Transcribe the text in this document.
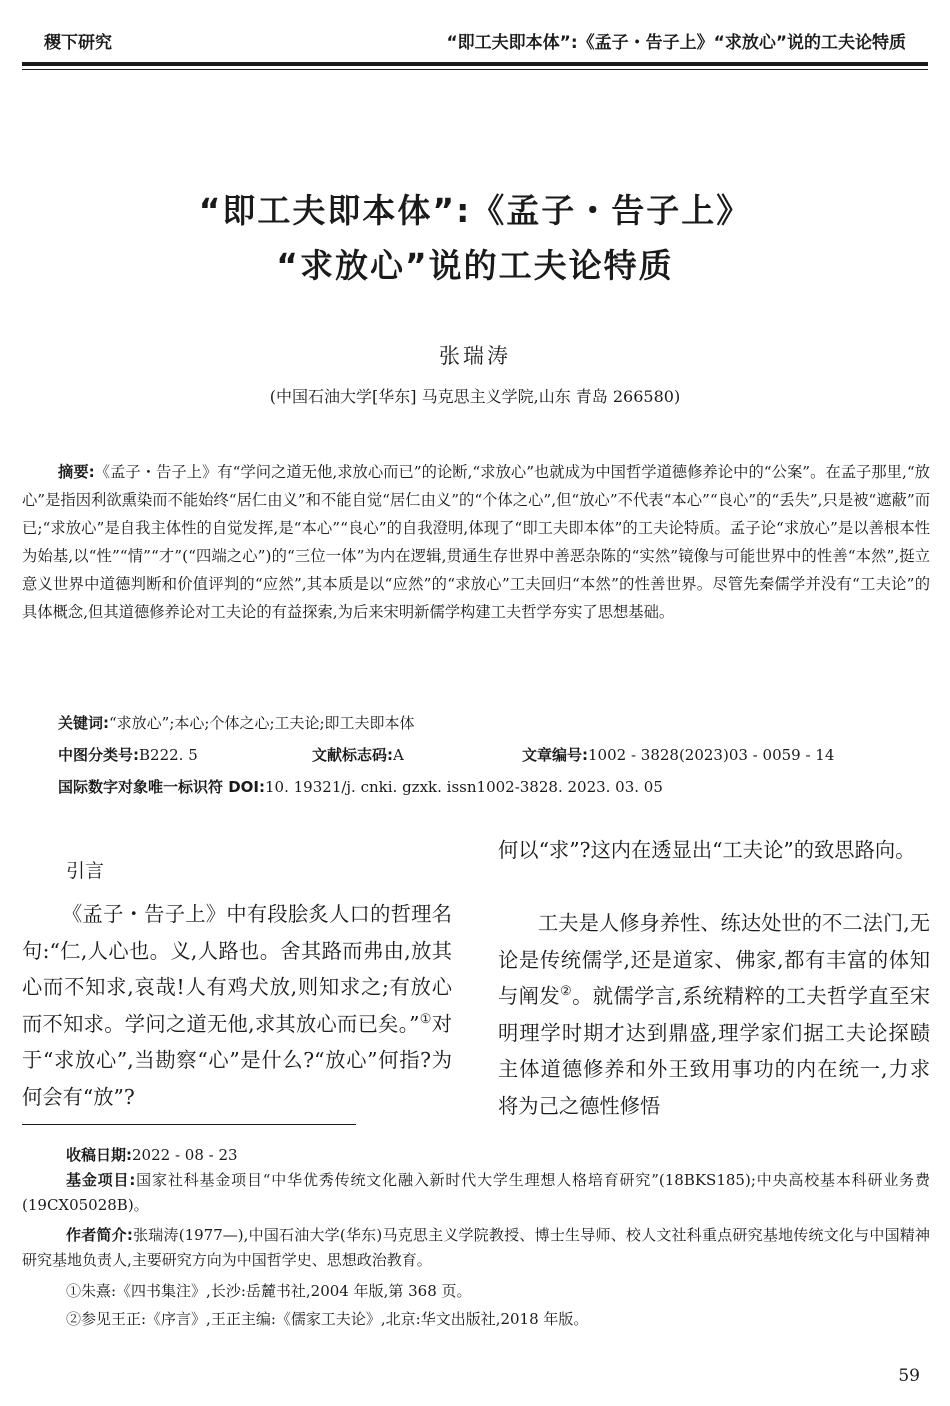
稷下研究	“即工夫即本体”:《孟子・告子上》“求放心”说的工夫论特质
“即工夫即本体”:《孟子・告子上》
“求放心”说的工夫论特质
张瑞涛
(中国石油大学[华东] 马克思主义学院,山东 青岛 266580)

摘要:《孟子・告子上》有“学问之道无他,求放心而已”的论断,“求放心”也就成为中国哲学道德修养论中的“公案”。在孟子那里,“放心”是指因利欲熏染而不能始终“居仁由义”和不能自觉“居仁由义”的“个体之心”,但“放心”不代表“本心”“良心”的“丢失”,只是被“遮蔽”而已;“求放心”是自我主体性的自觉发挥,是“本心”“良心”的自我澄明,体现了“即工夫即本体”的工夫论特质。孟子论“求放心”是以善根本性为始基,以“性”“情”“才”(“四端之心”)的“三位一体”为内在逻辑,贯通生存世界中善恶杂陈的“实然”镜像与可能世界中的性善“本然”,挺立意义世界中道德判断和价值评判的“应然”,其本质是以“应然”的“求放心”工夫回归“本然”的性善世界。尽管先秦儒学并没有“工夫论”的具体概念,但其道德修养论对工夫论的有益探索,为后来宋明新儒学构建工夫哲学夯实了思想基础。

关键词:“求放心”;本心;个体之心;工夫论;即工夫即本体
中图分类号:B222. 5	文献标志码:A	文章编号:1002 - 3828(2023)03 - 0059 - 14
国际数字对象唯一标识符 DOI:10. 19321/j. cnki. gzxk. issn1002-3828. 2023. 03. 05
引言

《孟子・告子上》中有段脍炙人口的哲理名句:“仁,人心也。义,人路也。舍其路而弗由,放其心而不知求,哀哉!人有鸡犬放,则知求之;有放心而不知求。学问之道无他,求其放心而已矣。”①对于“求放心”,当勘察“心”是什么?“放心”何指?为何会有“放”?

何以“求”?这内在透显出“工夫论”的致思路向。

工夫是人修身养性、练达处世的不二法门,无论是传统儒学,还是道家、佛家,都有丰富的体知与阐发②。就儒学言,系统精粹的工夫哲学直至宋明理学时期才达到鼎盛,理学家们据工夫论探赜主体道德修养和外王致用事功的内在统一,力求将为己之德性修悟

收稿日期:2022 - 08 - 23

基金项目:国家社科基金项目“中华优秀传统文化融入新时代大学生理想人格培育研究”(18BKS185);中央高校基本科研业务费(19CX05028B)。

作者简介:张瑞涛(1977—),中国石油大学(华东)马克思主义学院教授、博士生导师、校人文社科重点研究基地传统文化与中国精神研究基地负责人,主要研究方向为中国哲学史、思想政治教育。

①朱熹:《四书集注》,长沙:岳麓书社,2004 年版,第 368 页。

②参见王正:《序言》,王正主编:《儒家工夫论》,北京:华文出版社,2018 年版。

59
